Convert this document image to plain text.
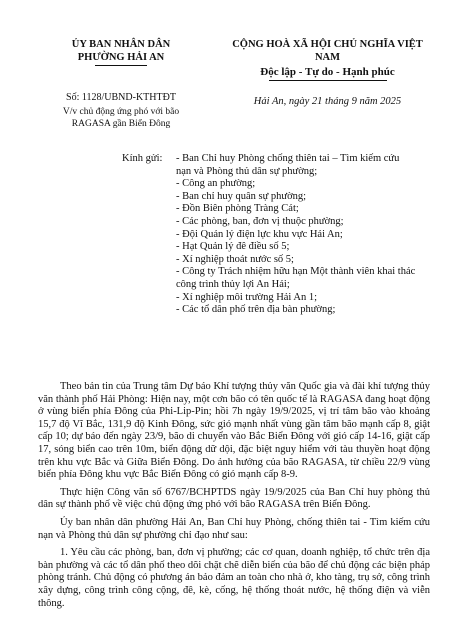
ỦY BAN NHÂN DÂN
PHƯỜNG HẢI AN
CỘNG HOÀ XÃ HỘI CHỦ NGHĨA VIỆT NAM
Độc lập - Tự do - Hạnh phúc
Số: 1128/UBND-KTHTĐT
V/v chủ động ứng phó với bão
RAGASA gần Biển Đông
Hải An, ngày 21 tháng 9 năm 2025
Kính gửi: - Ban Chỉ huy Phòng chống thiên tai – Tìm kiếm cứu nạn và Phòng thủ dân sự phường;
- Công an phường;
- Ban chỉ huy quân sự phường;
- Đồn Biên phòng Tràng Cát;
- Các phòng, ban, đơn vị thuộc phường;
- Đội Quản lý điện lực khu vực Hải An;
- Hạt Quản lý đê điều số 5;
- Xí nghiệp thoát nước số 5;
- Công ty Trách nhiệm hữu hạn Một thành viên khai thác công trình thủy lợi An Hải;
- Xí nghiệp môi trường Hải An 1;
- Các tổ dân phố trên địa bàn phường;

Theo bản tin của Trung tâm Dự báo Khí tượng thủy văn Quốc gia và đài khí tượng thủy văn thành phố Hải Phòng: Hiện nay, một cơn bão có tên quốc tế là RAGASA đang hoạt động ở vùng biển phía Đông của Phi-Lip-Pin; hồi 7h ngày 19/9/2025, vị trí tâm bão vào khoảng 15,7 độ Vĩ Bắc, 131,9 độ Kinh Đông, sức gió mạnh nhất vùng gần tâm bão mạnh cấp 8, giật cấp 10; dự báo đến ngày 23/9, bão di chuyển vào Bắc Biển Đông với gió cấp 14-16, giật cấp 17, sóng biển cao trên 10m, biển động dữ dội, đặc biệt nguy hiểm với tàu thuyền hoạt động trên khu vực Bắc và Giữa Biển Đông. Do ảnh hưởng của bão RAGASA, từ chiều 22/9 vùng biển phía Đông khu vực Bắc Biển Đông có gió mạnh cấp 8-9.

Thực hiện Công văn số 6767/BCHPTDS ngày 19/9/2025 của Ban Chỉ huy phòng thủ dân sự thành phố về việc chủ động ứng phó với bão RAGASA trên Biển Đông.

Ủy ban nhân dân phường Hải An, Ban Chỉ huy Phòng, chống thiên tai - Tìm kiếm cứu nạn và Phòng thủ dân sự phường chỉ đạo như sau:

1. Yêu cầu các phòng, ban, đơn vị phường; các cơ quan, doanh nghiệp, tổ chức trên địa bàn phường và các tổ dân phố theo dõi chặt chẽ diễn biến của bão để chủ động các biện pháp phòng tránh. Chủ động có phương án bảo đảm an toàn cho nhà ở, kho tàng, trụ sở, công trình xây dựng, công trình công cộng, đê, kè, cống, hệ thống thoát nước, hệ thống điện và viễn thông.
